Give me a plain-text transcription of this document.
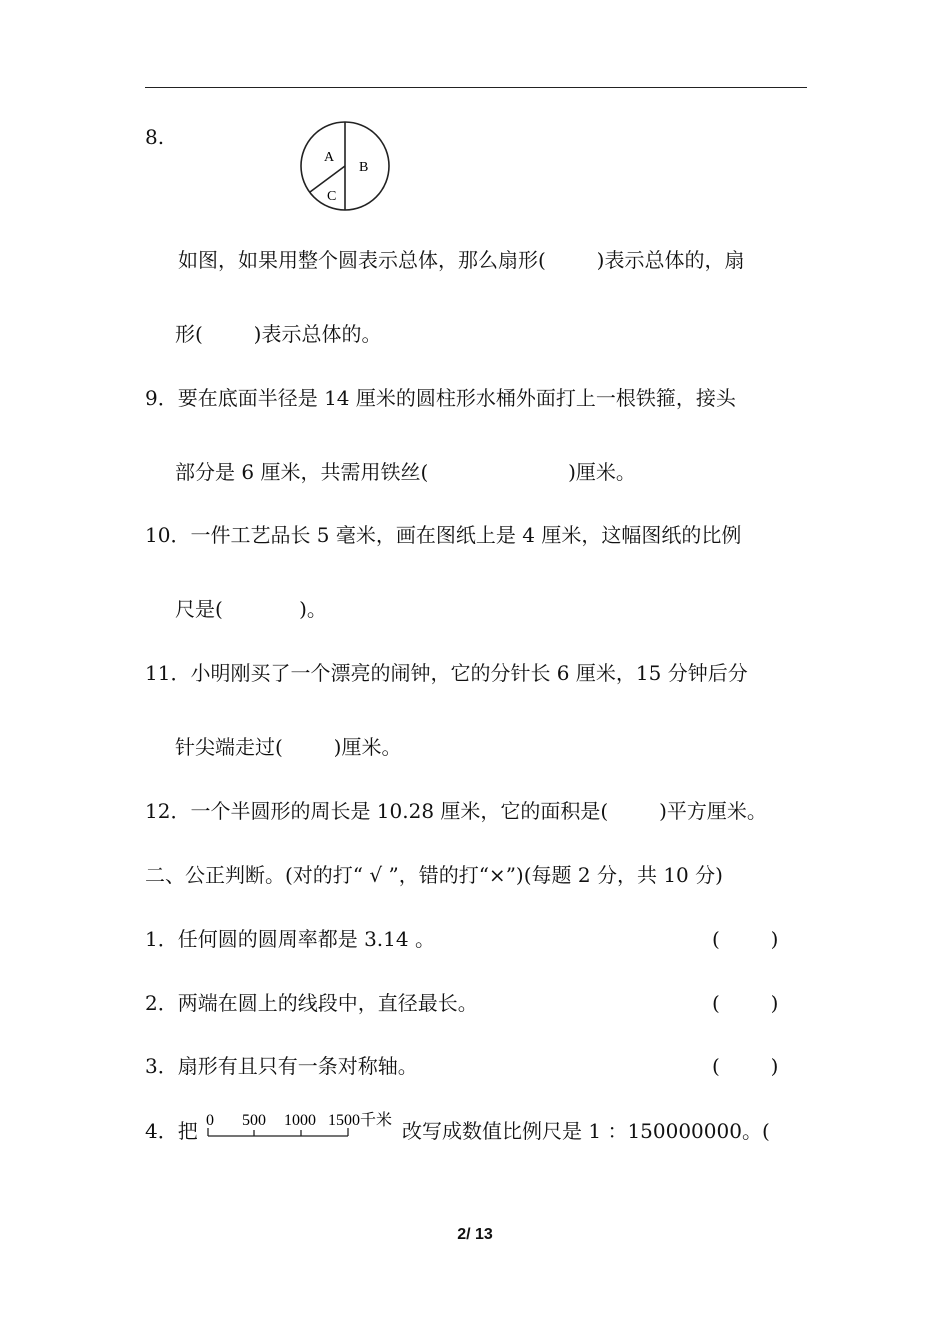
8.
A
B
C
如图，如果用整个圆表示总体，那么扇形(        )表示总体的，扇
形(        )表示总体的。
9．要在底面半径是 14 厘米的圆柱形水桶外面打上一根铁箍，接头
部分是 6 厘米，共需用铁丝(                      )厘米。
10．一件工艺品长 5 毫米，画在图纸上是 4 厘米，这幅图纸的比例
尺是(            )。
11．小明刚买了一个漂亮的闹钟，它的分针长 6 厘米，15 分钟后分
针尖端走过(        )厘米。
12．一个半圆形的周长是 10.28 厘米，它的面积是(        )平方厘米。
二、公正判断。(对的打“ √ ”，错的打“×”)(每题 2 分，共 10 分)
1．任何圆的圆周率都是 3.14 。	(        )
2．两端在圆上的线段中，直径最长。	(        )
3．扇形有且只有一条对称轴。	(        )
4．把 0 500 1000 1500千米 改写成数值比例尺是 1 ：150000000。(
2/ 13
